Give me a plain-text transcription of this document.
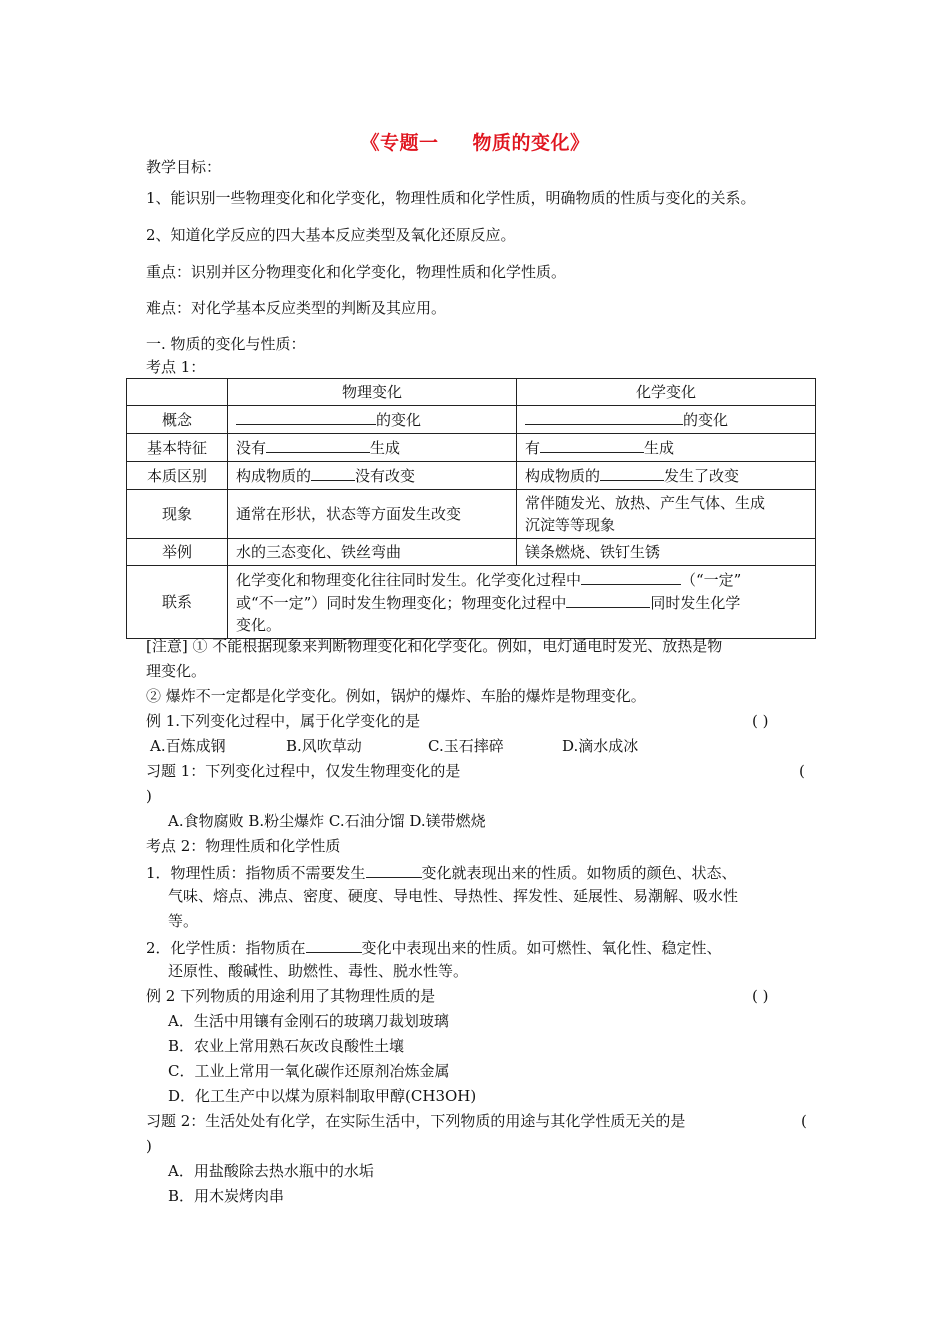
《专题一 物质的变化》
教学目标：
1、能识别一些物理变化和化学变化，物理性质和化学性质，明确物质的性质与变化的关系。
2、知道化学反应的四大基本反应类型及氧化还原反应。
重点：识别并区分物理变化和化学变化，物理性质和化学性质。
难点：对化学基本反应类型的判断及其应用。
一. 物质的变化与性质：
考点 1：
	物理变化	化学变化
概念	的变化	的变化
基本特征	没有 生成	有 生成
本质区别	构成物质的 没有改变	构成物质的 发生了改变
现象	通常在形状，状态等方面发生改变	常伴随发光、放热、产生气体、生成
沉淀等等现象

举例	水的三态变化、铁丝弯曲	镁条燃烧、铁钉生锈
联系	化学变化和物理变化往往同时发生。化学变化过程中 （“一定”
或“不一定”）同时发生物理变化；物理变化过程中 同时发生化学
变化。	
[注意] ① 不能根据现象来判断物理变化和化学变化。例如，电灯通电时发光、放热是物
理变化。
② 爆炸不一定都是化学变化。例如，锅炉的爆炸、车胎的爆炸是物理变化。
例 1.下列变化过程中，属于化学变化的是	( )
A.百炼成钢	B.风吹草动	C.玉石摔碎	D.滴水成冰
习题 1：下列变化过程中，仅发生物理变化的是	(
)
A.食物腐败 B.粉尘爆炸 C.石油分馏 D.镁带燃烧
考点 2：物理性质和化学性质
1．物理性质：指物质不需要发生	变化就表现出来的性质。如物质的颜色、状态、
气味、熔点、沸点、密度、硬度、导电性、导热性、挥发性、延展性、易潮解、吸水性
等。
2．化学性质：指物质在	变化中表现出来的性质。如可燃性、氧化性、稳定性、
还原性、酸碱性、助燃性、毒性、脱水性等。
例 2 下列物质的用途利用了其物理性质的是	( )
A．生活中用镶有金刚石的玻璃刀裁划玻璃
B．农业上常用熟石灰改良酸性土壤
C．工业上常用一氧化碳作还原剂冶炼金属
D．化工生产中以煤为原料制取甲醇(CH3OH)
习题 2：生活处处有化学，在实际生活中，下列物质的用途与其化学性质无关的是	(
)
A．用盐酸除去热水瓶中的水垢
B．用木炭烤肉串
